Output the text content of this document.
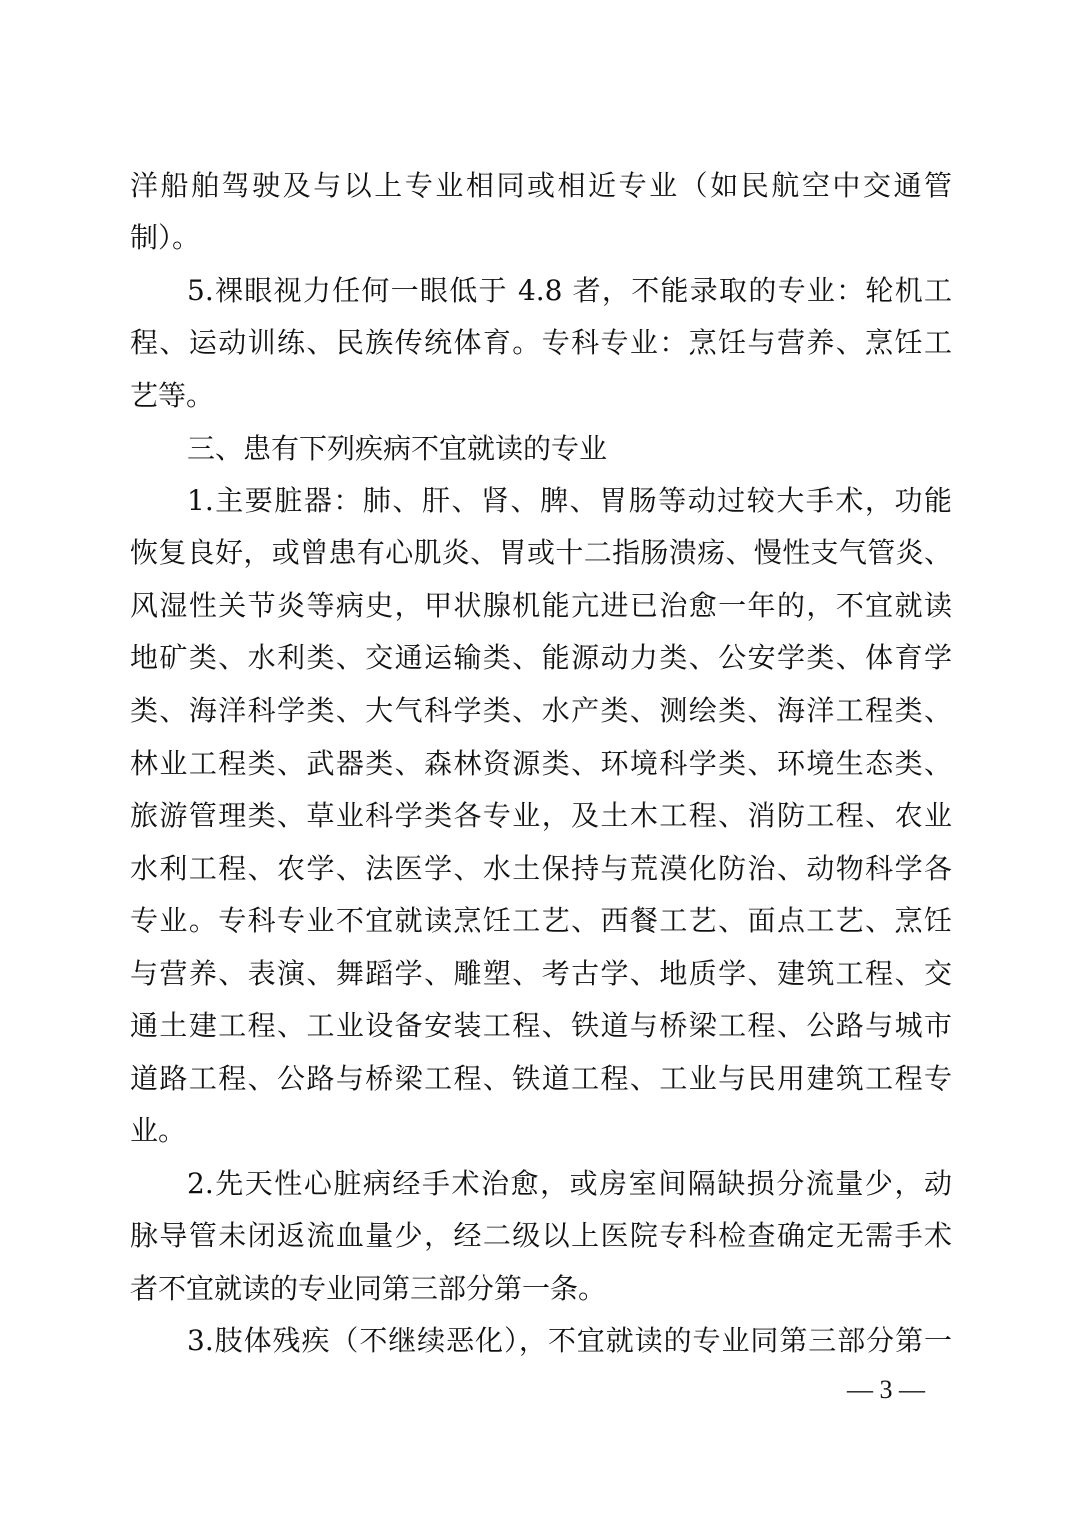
洋船舶驾驶及与以上专业相同或相近专业（如民航空中交通管
制）。
5.裸眼视力任何一眼低于 4.8 者，不能录取的专业：轮机工
程、运动训练、民族传统体育。专科专业：烹饪与营养、烹饪工
艺等。
三、患有下列疾病不宜就读的专业
1.主要脏器：肺、肝、肾、脾、胃肠等动过较大手术，功能
恢复良好，或曾患有心肌炎、胃或十二指肠溃疡、慢性支气管炎、
风湿性关节炎等病史，甲状腺机能亢进已治愈一年的，不宜就读
地矿类、水利类、交通运输类、能源动力类、公安学类、体育学
类、海洋科学类、大气科学类、水产类、测绘类、海洋工程类、
林业工程类、武器类、森林资源类、环境科学类、环境生态类、
旅游管理类、草业科学类各专业，及土木工程、消防工程、农业
水利工程、农学、法医学、水土保持与荒漠化防治、动物科学各
专业。专科专业不宜就读烹饪工艺、西餐工艺、面点工艺、烹饪
与营养、表演、舞蹈学、雕塑、考古学、地质学、建筑工程、交
通土建工程、工业设备安装工程、铁道与桥梁工程、公路与城市
道路工程、公路与桥梁工程、铁道工程、工业与民用建筑工程专
业。
2.先天性心脏病经手术治愈，或房室间隔缺损分流量少，动
脉导管未闭返流血量少，经二级以上医院专科检查确定无需手术
者不宜就读的专业同第三部分第一条。
3.肢体残疾（不继续恶化），不宜就读的专业同第三部分第一
— 3 —
